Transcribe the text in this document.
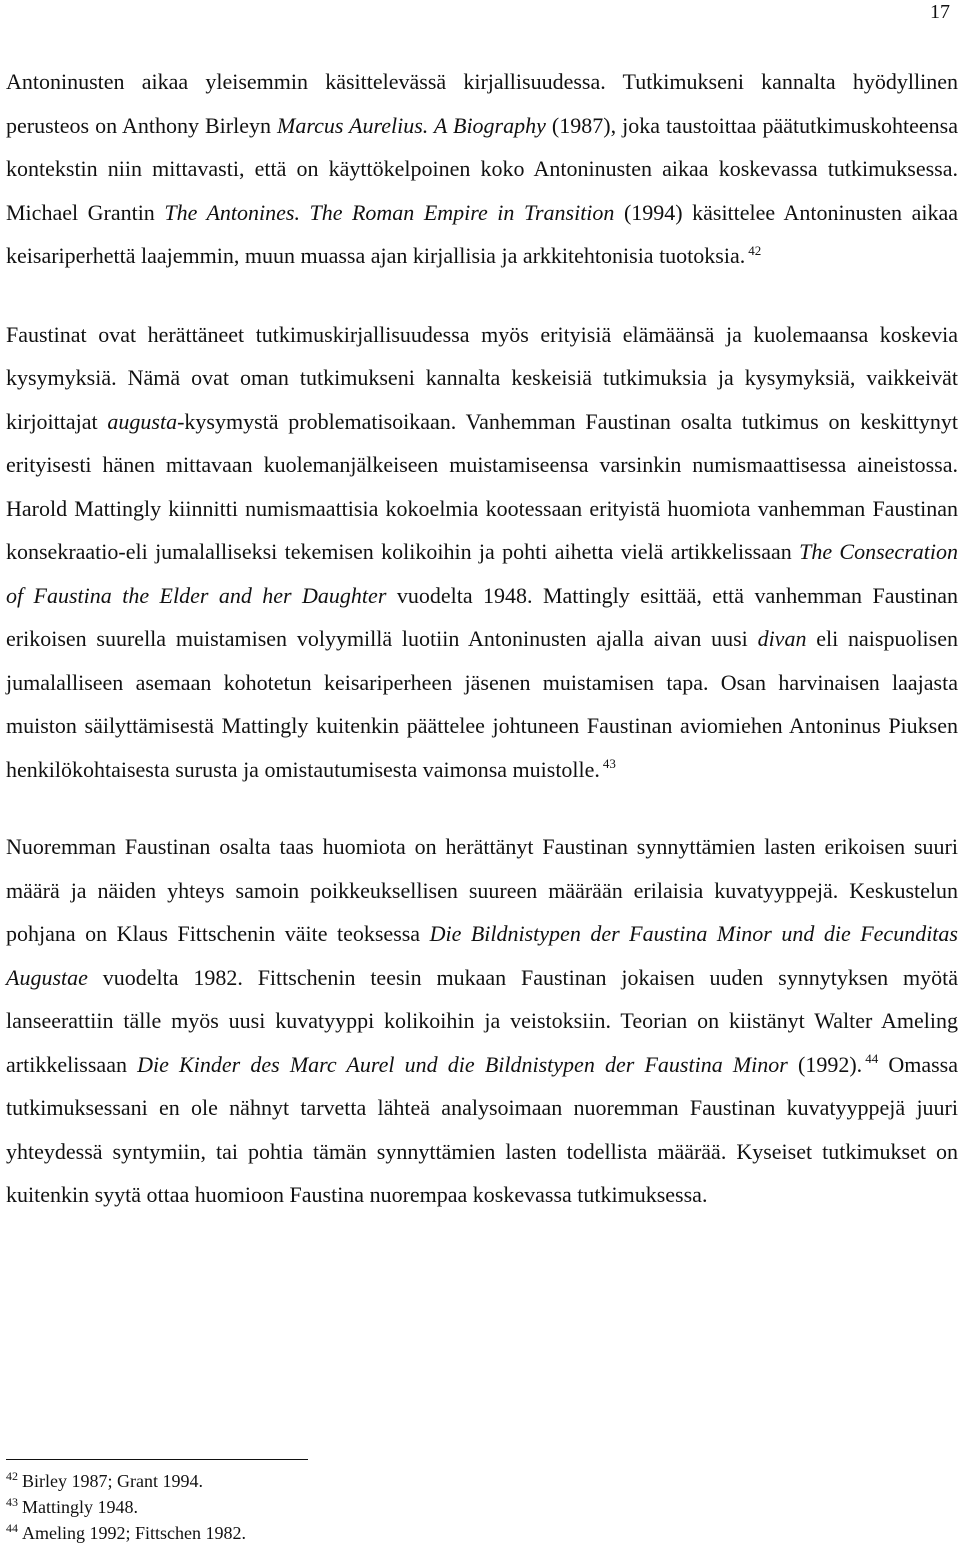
17

Antoninusten aikaa yleisemmin käsittelevässä kirjallisuudessa. Tutkimukseni kannalta hyödyllinen perusteos on Anthony Birleyn Marcus Aurelius. A Biography (1987), joka taustoittaa päätutkimuskohteensa kontekstin niin mittavasti, että on käyttökelpoinen koko Antoninusten aikaa koskevassa tutkimuksessa. Michael Grantin The Antonines. The Roman Empire in Transition (1994) käsittelee Antoninusten aikaa keisariperhettä laajemmin, muun muassa ajan kirjallisia ja arkkitehtonisia tuotoksia. $^{42}$

Faustinat ovat herättäneet tutkimuskirjallisuudessa myös erityisiä elämäänsä ja kuolemaansa koskevia kysymyksiä. Nämä ovat oman tutkimukseni kannalta keskeisiä tutkimuksia ja kysymyksiä, vaikkeivät kirjoittajat augusta-kysymystä problematisoikaan. Vanhemman Faustinan osalta tutkimus on keskittynyt erityisesti hänen mittavaan kuolemanjälkeiseen muistamiseensa varsinkin numismaattisessa aineistossa. Harold Mattingly kiinnitti numismaattisia kokoelmia kootessaan erityistä huomiota vanhemman Faustinan konsekraatio-eli jumalalliseksi tekemisen kolikoihin ja pohti aihetta vielä artikkelissaan The Consecration of Faustina the Elder and her Daughter vuodelta 1948. Mattingly esittää, että vanhemman Faustinan erikoisen suurella muistamisen volyymillä luotiin Antoninusten ajalla aivan uusi divan eli naispuolisen jumalalliseen asemaan kohotetun keisariperheen jäsenen muistamisen tapa. Osan harvinaisen laajasta muiston säilyttämisestä Mattingly kuitenkin päättelee johtuneen Faustinan aviomiehen Antoninus Piuksen henkilökohtaisesta surusta ja omistautumisesta vaimonsa muistolle. $^{43}$

Nuoremman Faustinan osalta taas huomiota on herättänyt Faustinan synnyttämien lasten erikoisen suuri määrä ja näiden yhteys samoin poikkeuksellisen suureen määrään erilaisia kuvatyyppejä. Keskustelun pohjana on Klaus Fittschenin väite teoksessa Die Bildnistypen der Faustina Minor und die Fecunditas Augustae vuodelta 1982. Fittschenin teesin mukaan Faustinan jokaisen uuden synnytyksen myötä lanseerattiin tälle myös uusi kuvatyyppi kolikoihin ja veistoksiin. Teorian on kiistänyt Walter Ameling artikkelissaan Die Kinder des Marc Aurel und die Bildnistypen der Faustina Minor (1992). $^{44}$ Omassa tutkimuksessani en ole nähnyt tarvetta lähteä analysoimaan nuoremman Faustinan kuvatyyppejä juuri yhteydessä syntymiin, tai pohtia tämän synnyttämien lasten todellista määrää. Kyseiset tutkimukset on kuitenkin syytä ottaa huomioon Faustina nuorempaa koskevassa tutkimuksessa.

$^{42}$ Birley 1987; Grant 1994.
$^{43}$ Mattingly 1948.
$^{44}$ Ameling 1992; Fittschen 1982.
